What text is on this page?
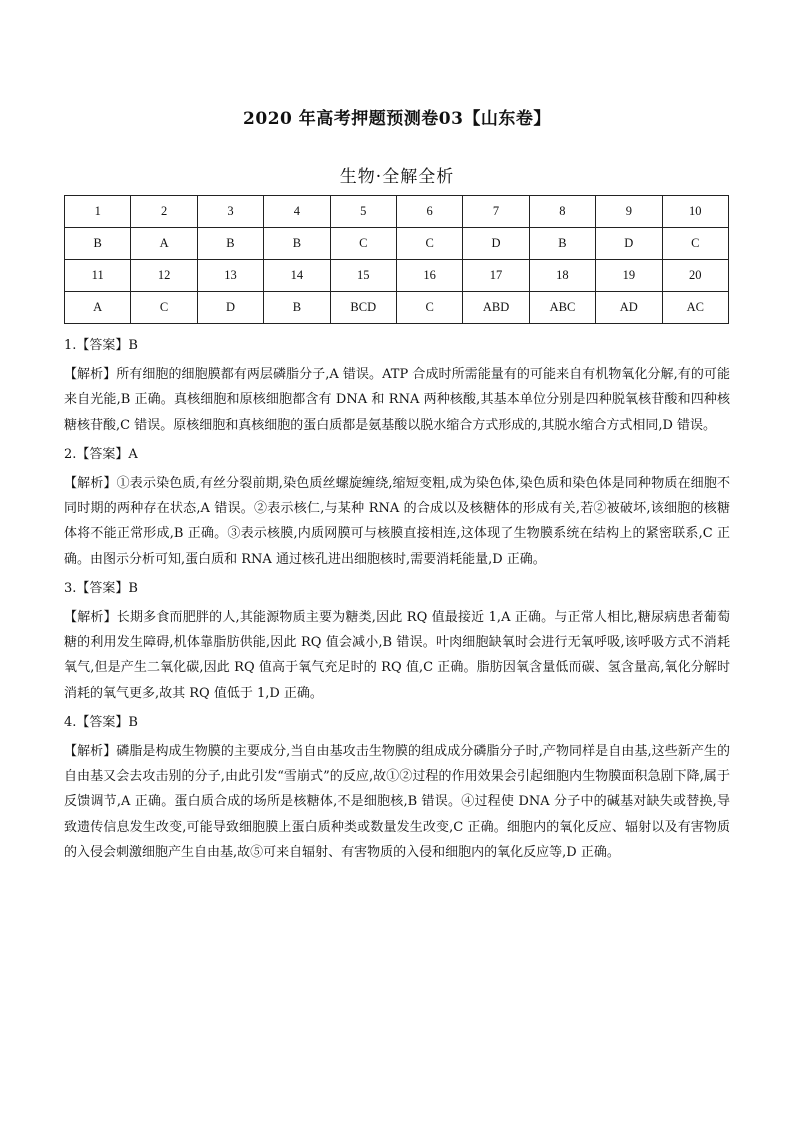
2020 年高考押题预测卷03【山东卷】
生物·全解全析
1	2	3	4	5	6	7	8	9	10
B	A	B	B	C	C	D	B	D	C
11	12	13	14	15	16	17	18	19	20
A	C	D	B	BCD	C	ABD	ABC	AD	AC
1.【答案】B
【解析】所有细胞的细胞膜都有两层磷脂分子,A 错误。ATP 合成时所需能量有的可能来自有机物氧化分解,有的可能来自光能,B 正确。真核细胞和原核细胞都含有 DNA 和 RNA 两种核酸,其基本单位分别是四种脱氧核苷酸和四种核糖核苷酸,C 错误。原核细胞和真核细胞的蛋白质都是氨基酸以脱水缩合方式形成的,其脱水缩合方式相同,D 错误。
2.【答案】A
【解析】①表示染色质,有丝分裂前期,染色质丝螺旋缠绕,缩短变粗,成为染色体,染色质和染色体是同种物质在细胞不同时期的两种存在状态,A 错误。②表示核仁,与某种 RNA 的合成以及核糖体的形成有关,若②被破坏,该细胞的核糖体将不能正常形成,B 正确。③表示核膜,内质网膜可与核膜直接相连,这体现了生物膜系统在结构上的紧密联系,C 正确。由图示分析可知,蛋白质和 RNA 通过核孔进出细胞核时,需要消耗能量,D 正确。
3.【答案】B
【解析】长期多食而肥胖的人,其能源物质主要为糖类,因此 RQ 值最接近 1,A 正确。与正常人相比,糖尿病患者葡萄糖的利用发生障碍,机体靠脂肪供能,因此 RQ 值会减小,B 错误。叶肉细胞缺氧时会进行无氧呼吸,该呼吸方式不消耗氧气,但是产生二氧化碳,因此 RQ 值高于氧气充足时的 RQ 值,C 正确。脂肪因氧含量低而碳、氢含量高,氧化分解时消耗的氧气更多,故其 RQ 值低于 1,D 正确。
4.【答案】B
【解析】磷脂是构成生物膜的主要成分,当自由基攻击生物膜的组成成分磷脂分子时,产物同样是自由基,这些新产生的自由基又会去攻击别的分子,由此引发“雪崩式”的反应,故①②过程的作用效果会引起细胞内生物膜面积急剧下降,属于反馈调节,A 正确。蛋白质合成的场所是核糖体,不是细胞核,B 错误。④过程使 DNA 分子中的碱基对缺失或替换,导致遗传信息发生改变,可能导致细胞膜上蛋白质种类或数量发生改变,C 正确。细胞内的氧化反应、辐射以及有害物质的入侵会刺激细胞产生自由基,故⑤可来自辐射、有害物质的入侵和细胞内的氧化反应等,D 正确。
